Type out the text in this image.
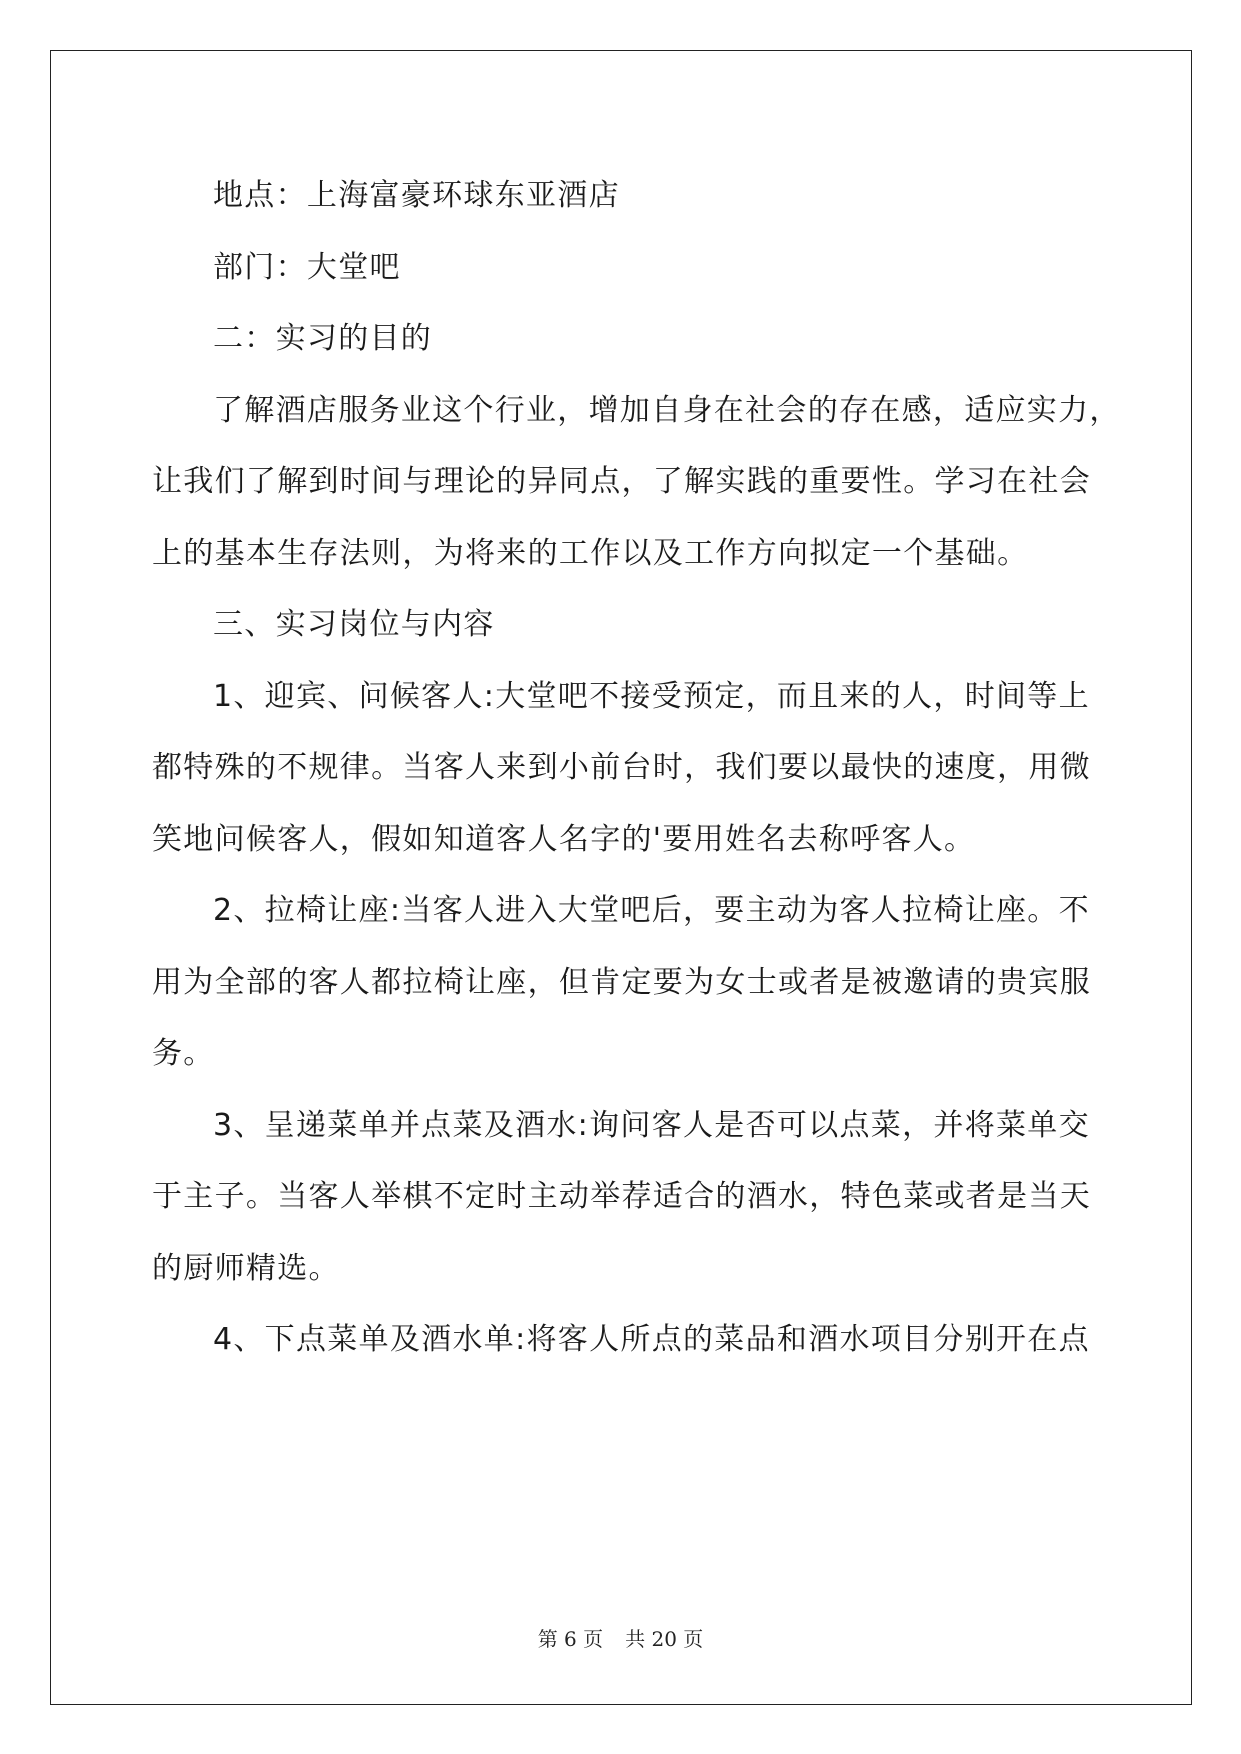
地点：上海富豪环球东亚酒店
部门：大堂吧
二：实习的目的
了解酒店服务业这个行业，增加自身在社会的存在感，适应实力，
让我们了解到时间与理论的异同点，了解实践的重要性。学习在社会
上的基本生存法则，为将来的工作以及工作方向拟定一个基础。
三、实习岗位与内容
1、迎宾、问候客人:大堂吧不接受预定，而且来的人，时间等上
都特殊的不规律。当客人来到小前台时，我们要以最快的速度，用微
笑地问候客人，假如知道客人名字的'要用姓名去称呼客人。
2、拉椅让座:当客人进入大堂吧后，要主动为客人拉椅让座。不
用为全部的客人都拉椅让座，但肯定要为女士或者是被邀请的贵宾服
务。
3、呈递菜单并点菜及酒水:询问客人是否可以点菜，并将菜单交
于主子。当客人举棋不定时主动举荐适合的酒水，特色菜或者是当天
的厨师精选。
4、下点菜单及酒水单:将客人所点的菜品和酒水项目分别开在点
第 6 页 共 20 页
